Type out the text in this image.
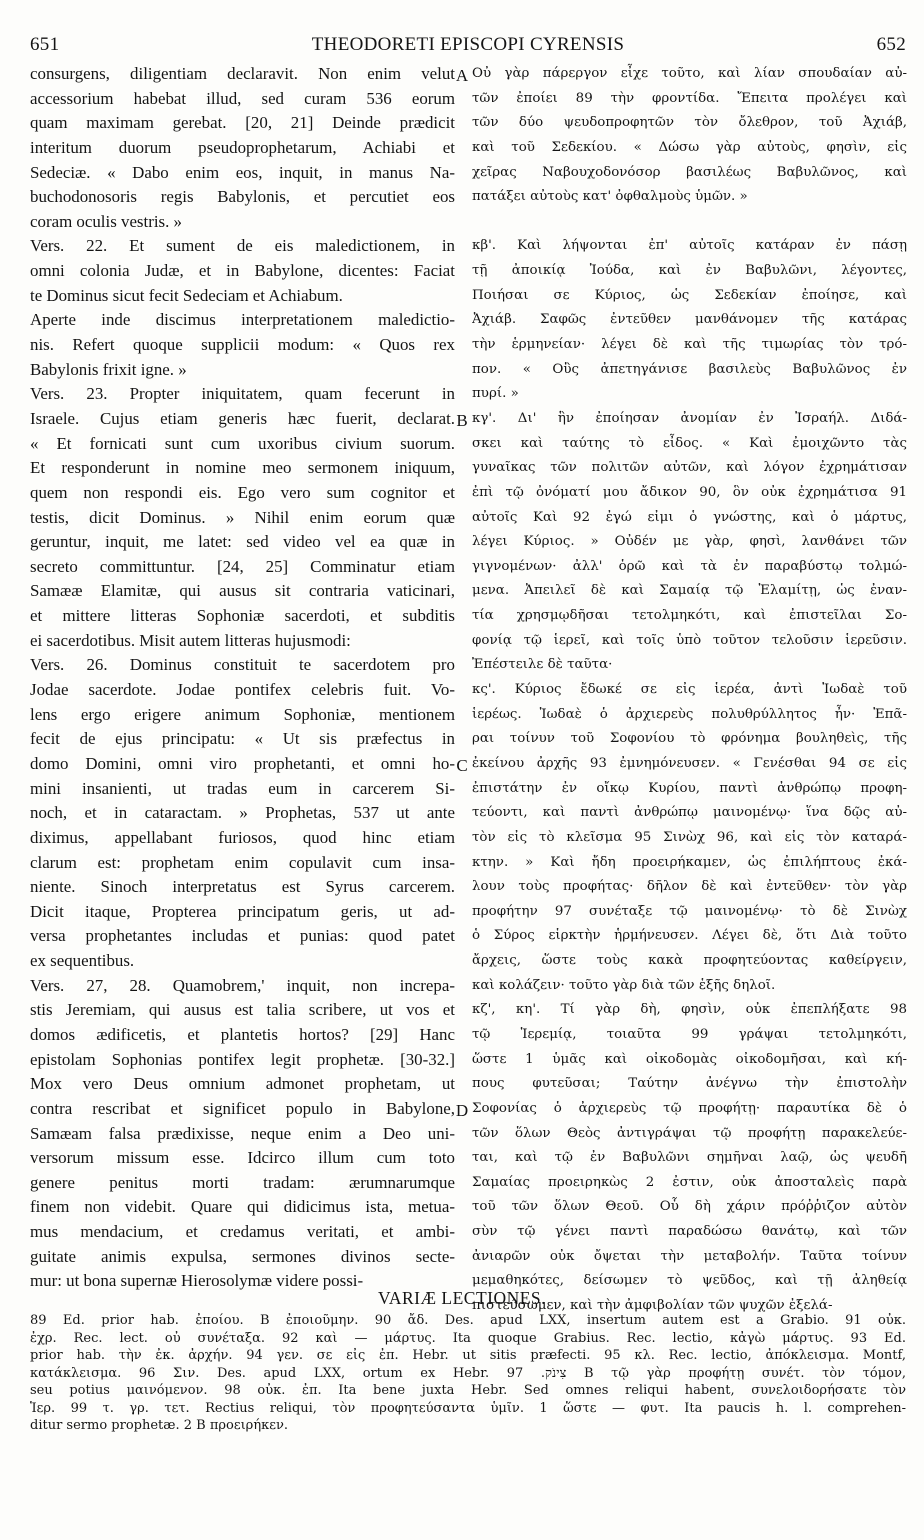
651	THEODORETI EPISCOPI CYRENSIS	652
consurgens, diligentiam declaravit. Non enim velut
accessorium habebat illud, sed curam 536 eorum
quam maximam gerebat. [20, 21] Deinde prædicit
interitum duorum pseudoprophetarum, Achiabi et
Sedeciæ. « Dabo enim eos, inquit, in manus Na-
buchodonosoris regis Babylonis, et percutiet eos
coram oculis vestris. »
Vers. 22. Et sument de eis maledictionem, in
omni colonia Judæ, et in Babylone, dicentes: Faciat
te Dominus sicut fecit Sedeciam et Achiabum.
Aperte inde discimus interpretationem maledictio-
nis. Refert quoque supplicii modum: « Quos rex
Babylonis frixit igne. »
Vers. 23. Propter iniquitatem, quam fecerunt in
Israele. Cujus etiam generis hæc fuerit, declarat.
« Et fornicati sunt cum uxoribus civium suorum.
Et responderunt in nomine meo sermonem iniquum,
quem non respondi eis. Ego vero sum cognitor et
testis, dicit Dominus. » Nihil enim eorum quæ
geruntur, inquit, me latet: sed video vel ea quæ in
secreto committuntur. [24, 25] Comminatur etiam
Samææ Elamitæ, qui ausus sit contraria vaticinari,
et mittere litteras Sophoniæ sacerdoti, et subditis
ei sacerdotibus. Misit autem litteras hujusmodi:
Vers. 26. Dominus constituit te sacerdotem pro
Jodae sacerdote. Jodae pontifex celebris fuit. Vo-
lens ergo erigere animum Sophoniæ, mentionem
fecit de ejus principatu: « Ut sis præfectus in
domo Domini, omni viro prophetanti, et omni ho-
mini insanienti, ut tradas eum in carcerem Si-
noch, et in cataractam. » Prophetas, 537 ut ante
diximus, appellabant furiosos, quod hinc etiam
clarum est: prophetam enim copulavit cum insa-
niente. Sinoch interpretatus est Syrus carcerem.
Dicit itaque, Propterea principatum geris, ut ad-
versa prophetantes includas et punias: quod patet
ex sequentibus.
Vers. 27, 28. Quamobrem,' inquit, non increpa-
stis Jeremiam, qui ausus est talia scribere, ut vos et
domos ædificetis, et plantetis hortos? [29] Hanc
epistolam Sophonias pontifex legit prophetæ. [30-32.]
Mox vero Deus omnium admonet prophetam, ut
contra rescribat et significet populo in Babylone,
Samæam falsa prædixisse, neque enim a Deo uni-
versorum missum esse. Idcirco illum cum toto
genere penitus morti tradam: ærumnarumque
finem non videbit. Quare qui didicimus ista, metua-
mus mendacium, et credamus veritati, et ambi-
guitate animis expulsa, sermones divinos secte-
mur: ut bona supernæ Hierosolymæ videre possi-
Οὐ γὰρ πάρεργον εἶχε τοῦτο, καὶ λίαν σπουδαίαν αὐ-
τῶν ἐποίει 89 τὴν φροντίδα. Ἔπειτα προλέγει καὶ
τῶν δύο ψευδοπροφητῶν τὸν ὄλεθρον, τοῦ Ἀχιάβ,
καὶ τοῦ Σεδεκίου. « Δώσω γὰρ αὐτοὺς, φησὶν, εἰς
χεῖρας Ναβουχοδονόσορ βασιλέως Βαβυλῶνος, καὶ
πατάξει αὐτοὺς κατ' ὀφθαλμοὺς ὑμῶν. »
κβ'. Καὶ λήψονται ἐπ' αὐτοῖς κατάραν ἐν πάσῃ
τῇ ἀποικίᾳ Ἰούδα, καὶ ἐν Βαβυλῶνι, λέγοντες,
Ποιήσαι σε Κύριος, ὡς Σεδεκίαν ἐποίησε, καὶ
Ἀχιάβ. Σαφῶς ἐντεῦθεν μανθάνομεν τῆς κατάρας
τὴν ἑρμηνείαν· λέγει δὲ καὶ τῆς τιμωρίας τὸν τρό-
πον. « Οὓς ἀπετηγάνισε βασιλεὺς Βαβυλῶνος ἐν
πυρί. »
κγ'. Δι' ἣν ἐποίησαν ἀνομίαν ἐν Ἰσραήλ. Διδά-
σκει καὶ ταύτης τὸ εἶδος. « Καὶ ἐμοιχῶντο τὰς
γυναῖκας τῶν πολιτῶν αὐτῶν, καὶ λόγον ἐχρημάτισαν
ἐπὶ τῷ ὀνόματί μου ἄδικον 90, ὃν οὐκ ἐχρημάτισα 91
αὐτοῖς Καὶ 92 ἐγώ εἰμι ὁ γνώστης, καὶ ὁ μάρτυς,
λέγει Κύριος. » Οὐδέν με γὰρ, φησὶ, λανθάνει τῶν
γιγνομένων· ἀλλ' ὁρῶ καὶ τὰ ἐν παραβύστῳ τολμώ-
μενα. Ἀπειλεῖ δὲ καὶ Σαμαίᾳ τῷ Ἐλαμίτῃ, ὡς ἐναν-
τία χρησμῳδῆσαι τετολμηκότι, καὶ ἐπιστεῖλαι Σο-
φονίᾳ τῷ ἱερεῖ, καὶ τοῖς ὑπὸ τοῦτον τελοῦσιν ἱερεῦσιν.
Ἐπέστειλε δὲ ταῦτα·
κς'. Κύριος ἔδωκέ σε εἰς ἱερέα, ἀντὶ Ἰωδαὲ τοῦ
ἱερέως. Ἰωδαὲ ὁ ἀρχιερεὺς πολυθρύλλητος ἦν· Ἐπᾶ-
ραι τοίνυν τοῦ Σοφονίου τὸ φρόνημα βουληθεὶς, τῆς
ἐκείνου ἀρχῆς 93 ἐμνημόνευσεν. « Γενέσθαι 94 σε εἰς
ἐπιστάτην ἐν οἴκῳ Κυρίου, παντὶ ἀνθρώπῳ προφη-
τεύοντι, καὶ παντὶ ἀνθρώπῳ μαινομένῳ· ἵνα δῷς αὐ-
τὸν εἰς τὸ κλεῖσμα 95 Σινὼχ 96, καὶ εἰς τὸν καταρά-
κτην. » Καὶ ἤδη προειρήκαμεν, ὡς ἐπιλήπτους ἐκά-
λουν τοὺς προφήτας· δῆλον δὲ καὶ ἐντεῦθεν· τὸν γὰρ
προφήτην 97 συνέταξε τῷ μαινομένῳ· τὸ δὲ Σινὼχ
ὁ Σύρος εἱρκτὴν ἡρμήνευσεν. Λέγει δὲ, ὅτι Διὰ τοῦτο
ἄρχεις, ὥστε τοὺς κακὰ προφητεύοντας καθείργειν,
καὶ κολάζειν· τοῦτο γὰρ διὰ τῶν ἑξῆς δηλοῖ.
κζ', κη'. Τί γὰρ δὴ, φησὶν, οὐκ ἐπεπλήξατε 98
τῷ Ἱερεμίᾳ, τοιαῦτα 99 γράψαι τετολμηκότι,
ὥστε 1 ὑμᾶς καὶ οἰκοδομὰς οἰκοδομῆσαι, καὶ κή-
πους φυτεῦσαι; Ταύτην ἀνέγνω τὴν ἐπιστολὴν
Σοφονίας ὁ ἀρχιερεὺς τῷ προφήτῃ· παραυτίκα δὲ ὁ
τῶν ὅλων Θεὸς ἀντιγράψαι τῷ προφήτῃ παρακελεύε-
ται, καὶ τῷ ἐν Βαβυλῶνι σημῆναι λαῷ, ὡς ψευδῆ
Σαμαίας προειρηκὼς 2 ἐστιν, οὐκ ἀποσταλεὶς παρὰ
τοῦ τῶν ὅλων Θεοῦ. Οὗ δὴ χάριν πρόῤῥιζον αὐτὸν
σὺν τῷ γένει παντὶ παραδώσω θανάτῳ, καὶ τῶν
ἀνιαρῶν οὐκ ὄψεται τὴν μεταβολήν. Ταῦτα τοίνυν
μεμαθηκότες, δείσωμεν τὸ ψεῦδος, καὶ τῇ ἀληθείᾳ
πιστεύσωμεν, καὶ τὴν ἀμφιβολίαν τῶν ψυχῶν ἐξελά-
A
B
C
D
VARIÆ LECTIONES.
89 Ed. prior hab. ἐποίου. B ἐποιοῦμην. 90 ἄδ. Des. apud LXX, insertum autem est a Grabio. 91 οὐκ.
ἐχρ. Rec. lect. οὐ συνέταξα. 92 καὶ — μάρτυς. Ita quoque Grabius. Rec. lectio, κἀγὼ μάρτυς. 93 Ed.
prior hab. τὴν ἐκ. ἀρχήν. 94 γεν. σε εἰς ἐπ. Hebr. ut sitis præfecti. 95 κλ. Rec. lectio, ἀπόκλεισμα. Montf,
κατάκλεισμα. 96 Σιν. Des. apud LXX, ortum ex Hebr. צִינֹק. 97 B τῷ γὰρ προφήτῃ συνέτ. τὸν τόμον,
seu potius μαινόμενον. 98 οὐκ. ἐπ. Ita bene juxta Hebr. Sed omnes reliqui habent, συνελοιδορήσατε τὸν
Ἱερ. 99 τ. γρ. τετ. Rectius reliqui, τὸν προφητεύσαντα ὑμῖν. 1 ὥστε — φυτ. Ita paucis h. l. comprehen-
ditur sermo prophetæ. 2 B προειρήκεν.
